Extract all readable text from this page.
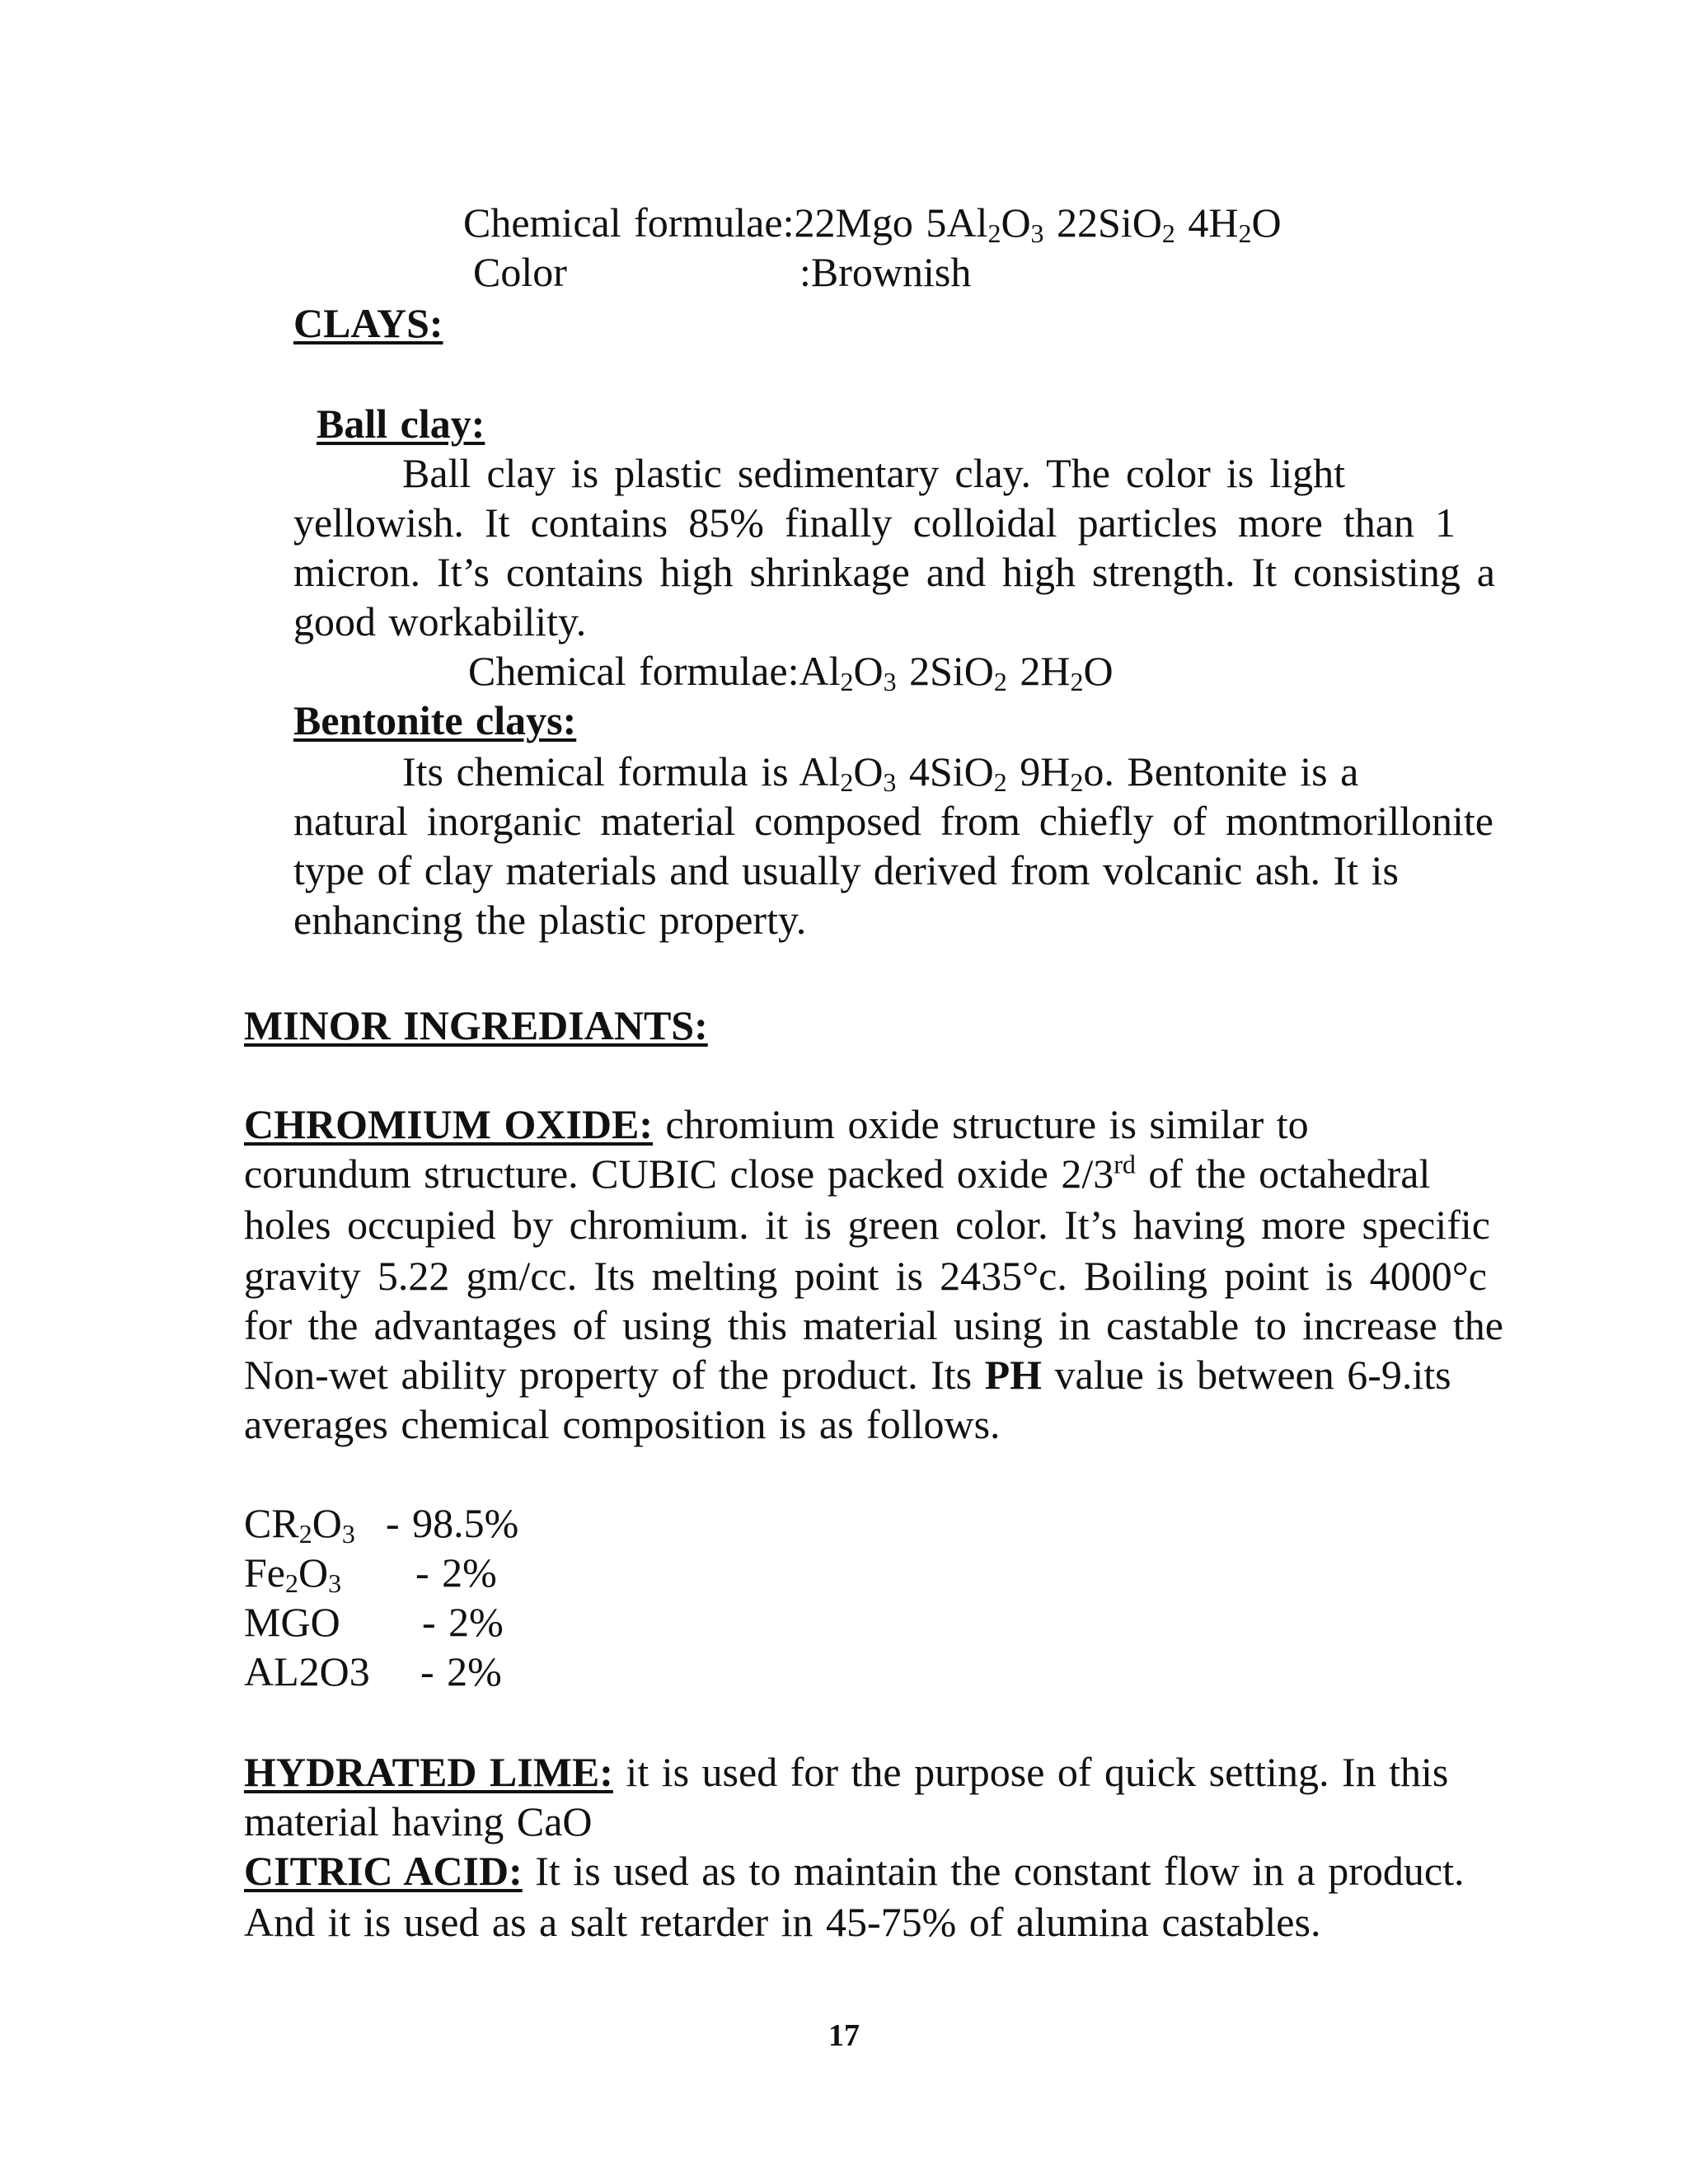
Chemical formulae:22Mgo $5Al_2O_3$ 22SiO$_2$ $4H_2O$
Color	:Brownish
CLAYS:
Ball clay:
Ball clay is plastic sedimentary clay. The color is light
yellowish. It contains 85% finally colloidal particles more than 1
micron. It’s contains high shrinkage and high strength. It consisting a
good workability.
Chemical $formulae:Al_2O_3$ 2SiO$_2$ $2H_2O$
Bentonite clays:
Its chemical formula is $Al_2O_3$ 4SiO$_2$ $9H_2o$. Bentonite is a
natural inorganic material composed from chiefly of montmorillonite
type of clay materials and usually derived from volcanic ash. It is
enhancing the plastic property.
MINOR INGREDIANTS:
CHROMIUM OXIDE: chromium oxide structure is similar to
corundum structure. CUBIC close packed oxide 2/3rd of the octahedral
holes occupied by chromium. it is green color. It’s having more specific
gravity 5.22 gm/cc. Its melting point is 2435°c. Boiling point is 4000°c
for the advantages of using this material using in castable to increase the
Non-wet ability property of the product. Its PH value is between 6-9.its
averages chemical composition is as follows.
$CR_2O_3 - 98.5\%$
$Fe_2O_3 - 2\%$
MGO - 2%
AL2O3 - 2%
HYDRATED LIME: it is used for the purpose of quick setting. In this
material having CaO
CITRIC ACID: It is used as to maintain the constant flow in a product.
And it is used as a salt retarder in 45-75% of alumina castables.
17
